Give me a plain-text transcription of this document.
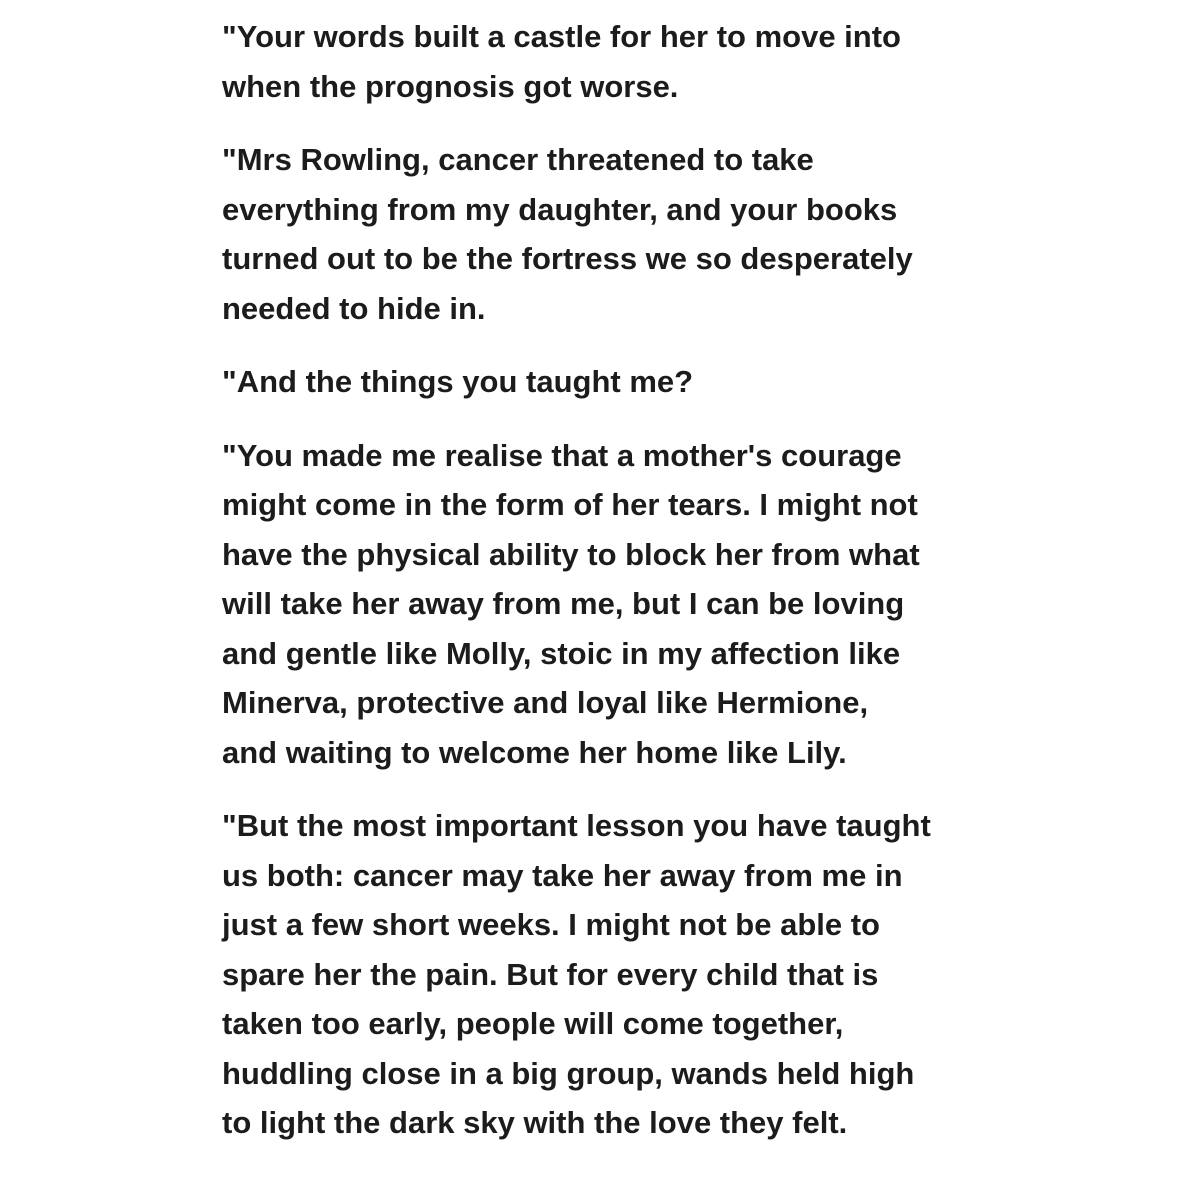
"Your words built a castle for her to move into
when the prognosis got worse.
"Mrs Rowling, cancer threatened to take
everything from my daughter, and your books
turned out to be the fortress we so desperately
needed to hide in.
"And the things you taught me?
"You made me realise that a mother's courage
might come in the form of her tears. I might not
have the physical ability to block her from what
will take her away from me, but I can be loving
and gentle like Molly, stoic in my affection like
Minerva, protective and loyal like Hermione,
and waiting to welcome her home like Lily.
"But the most important lesson you have taught
us both: cancer may take her away from me in
just a few short weeks. I might not be able to
spare her the pain. But for every child that is
taken too early, people will come together,
huddling close in a big group, wands held high
to light the dark sky with the love they felt.
